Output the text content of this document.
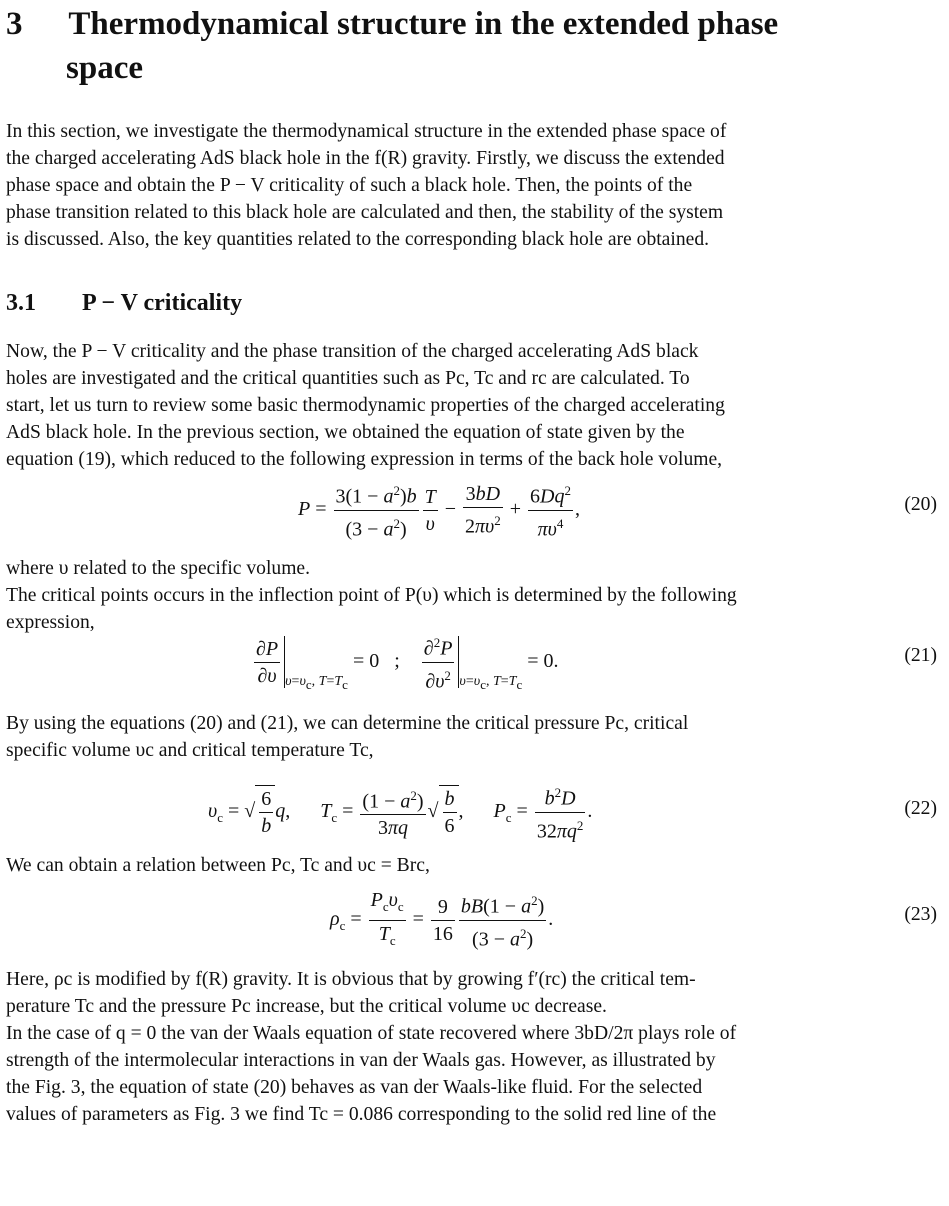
3 Thermodynamical structure in the extended phase
space
In this section, we investigate the thermodynamical structure in the extended phase space of
the charged accelerating AdS black hole in the f(R) gravity. Firstly, we discuss the extended
phase space and obtain the P − V criticality of such a black hole. Then, the points of the
phase transition related to this black hole are calculated and then, the stability of the system
is discussed. Also, the key quantities related to the corresponding black hole are obtained.
3.1 P − V criticality
Now, the P − V criticality and the phase transition of the charged accelerating AdS black
holes are investigated and the critical quantities such as Pc, Tc and rc are calculated. To
start, let us turn to review some basic thermodynamic properties of the charged accelerating
AdS black hole. In the previous section, we obtained the equation of state given by the
equation (19), which reduced to the following expression in terms of the back hole volume,
$P = \frac{3(1 - a^2)b}{(3 - a^2)} \frac{T}{\upsilon} - \frac{3bD}{2\pi\upsilon^2} + \frac{6Dq^2}{\pi\upsilon^4}$ ,	(20)
where υ related to the specific volume.
The critical points occurs in the inflection point of P(υ) which is determined by the following
expression,
$\frac{\partial P}{\partial\upsilon} _{\upsilon=\upsilon_c, T=T_c} = 0$   ; $\frac{\partial^2P}{\partial\upsilon^2} _{\upsilon=\upsilon_c, T=T_c} = 0$.	(21)
By using the equations (20) and (21), we can determine the critical pressure Pc, critical
specific volume υc and critical temperature Tc,
$\upsilon_c$ = √ $\frac{6}{b} q$,      $T_c = \frac{(1 - a^2)}{3\pi q}$ √ $\frac{b}{6}$ ,      $P_c = \frac{b^2D}{32\pi q^2}$ .	(22)
We can obtain a relation between Pc, Tc and υc = Brc,
$\rho_c = \frac{P_c\upsilon_c}{T_c} = \frac{9}{16} \frac{bB(1 - a^2)}{(3 - a^2)}$ .	(23)
Here, ρc is modified by f(R) gravity. It is obvious that by growing f′(rc) the critical tem-
perature Tc and the pressure Pc increase, but the critical volume υc decrease.
In the case of q = 0 the van der Waals equation of state recovered where 3bD/2π plays role of
strength of the intermolecular interactions in van der Waals gas. However, as illustrated by
the Fig. 3, the equation of state (20) behaves as van der Waals-like fluid. For the selected
values of parameters as Fig. 3 we find Tc = 0.086 corresponding to the solid red line of the
